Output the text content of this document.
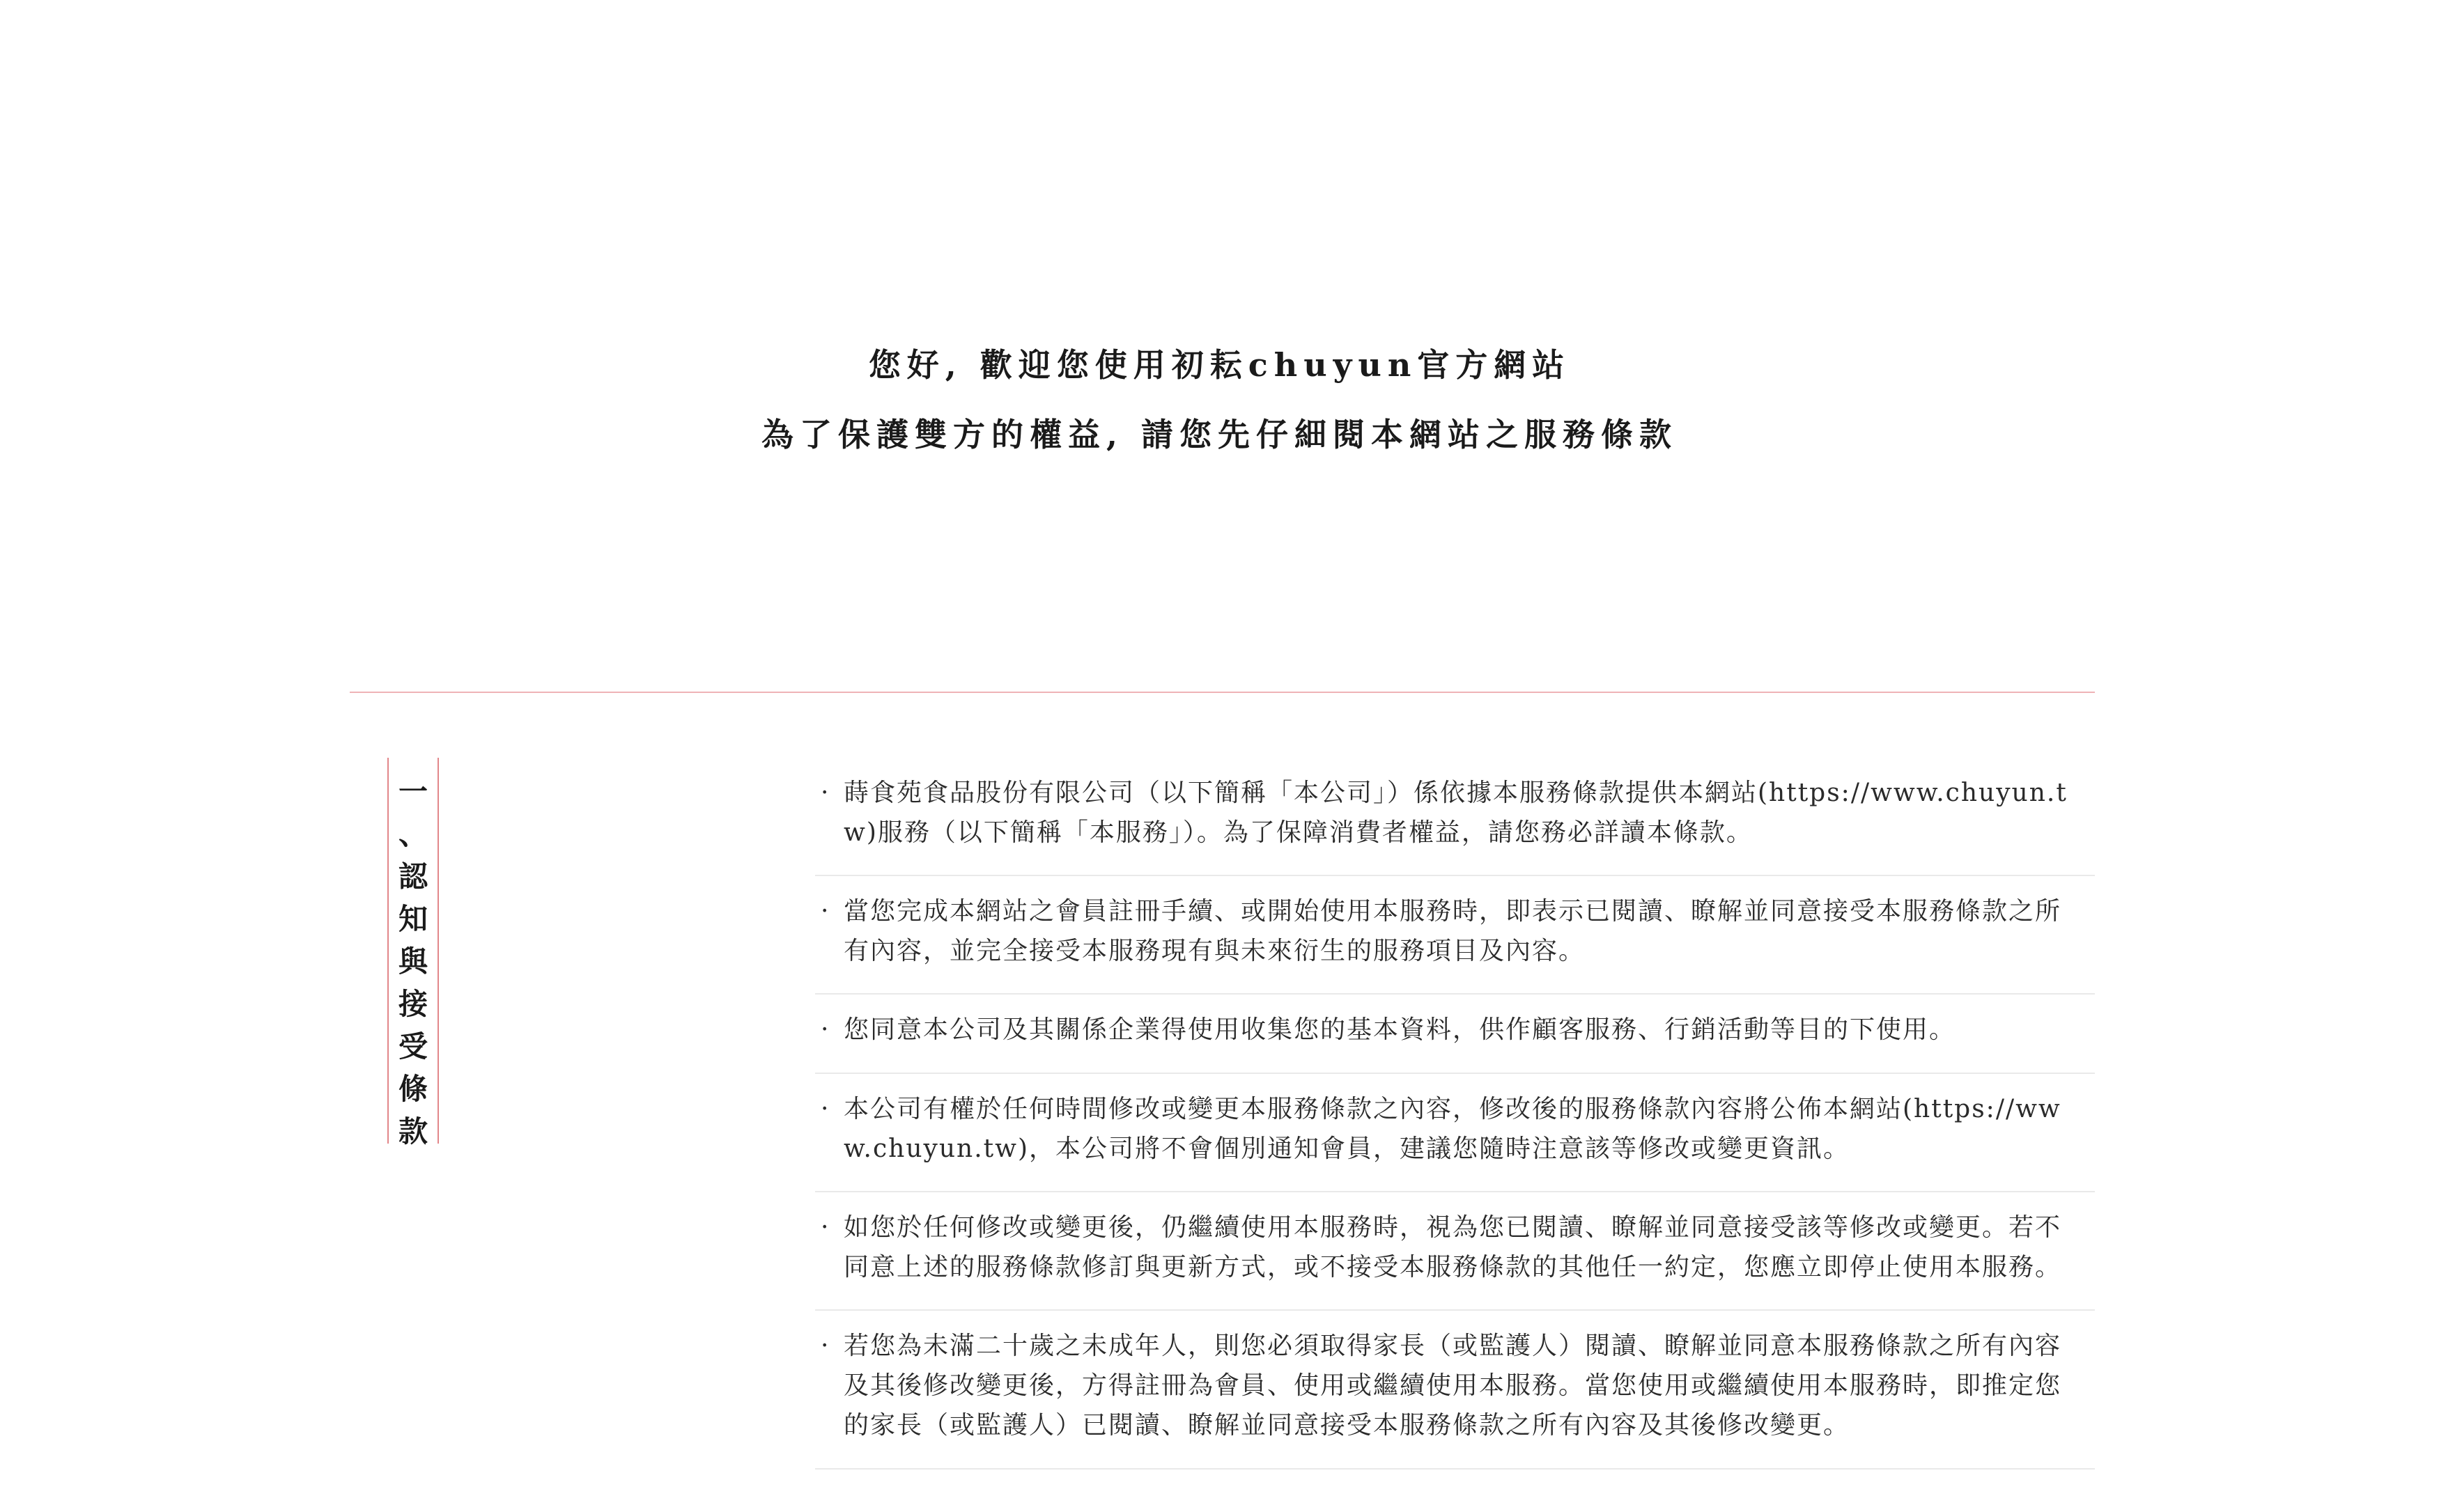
您好, 歡迎您使用初耘chuyun官方網站
為了保護雙方的權益, 請您先仔細閱本網站之服務條款
一
、
認
知
與
接
受
條
款
· 蒔食苑食品股份有限公司（以下簡稱「本公司」）係依據本服務條款提供本網站(https://www.chuyun.tw)服務（以下簡稱「本服務」）。為了保障消費者權益，請您務必詳讀本條款。
· 當您完成本網站之會員註冊手續、或開始使用本服務時，即表示已閱讀、瞭解並同意接受本服務條款之所有內容，並完全接受本服務現有與未來衍生的服務項目及內容。
· 您同意本公司及其關係企業得使用收集您的基本資料，供作顧客服務、行銷活動等目的下使用。
· 本公司有權於任何時間修改或變更本服務條款之內容，修改後的服務條款內容將公佈本網站(https://www.chuyun.tw)，本公司將不會個別通知會員，建議您隨時注意該等修改或變更資訊。
· 如您於任何修改或變更後，仍繼續使用本服務時，視為您已閱讀、瞭解並同意接受該等修改或變更。若不同意上述的服務條款修訂與更新方式，或不接受本服務條款的其他任一約定，您應立即停止使用本服務。
· 若您為未滿二十歲之未成年人，則您必須取得家長（或監護人）閱讀、瞭解並同意本服務條款之所有內容及其後修改變更後，方得註冊為會員、使用或繼續使用本服務。當您使用或繼續使用本服務時，即推定您的家長（或監護人）已閱讀、瞭解並同意接受本服務條款之所有內容及其後修改變更。
